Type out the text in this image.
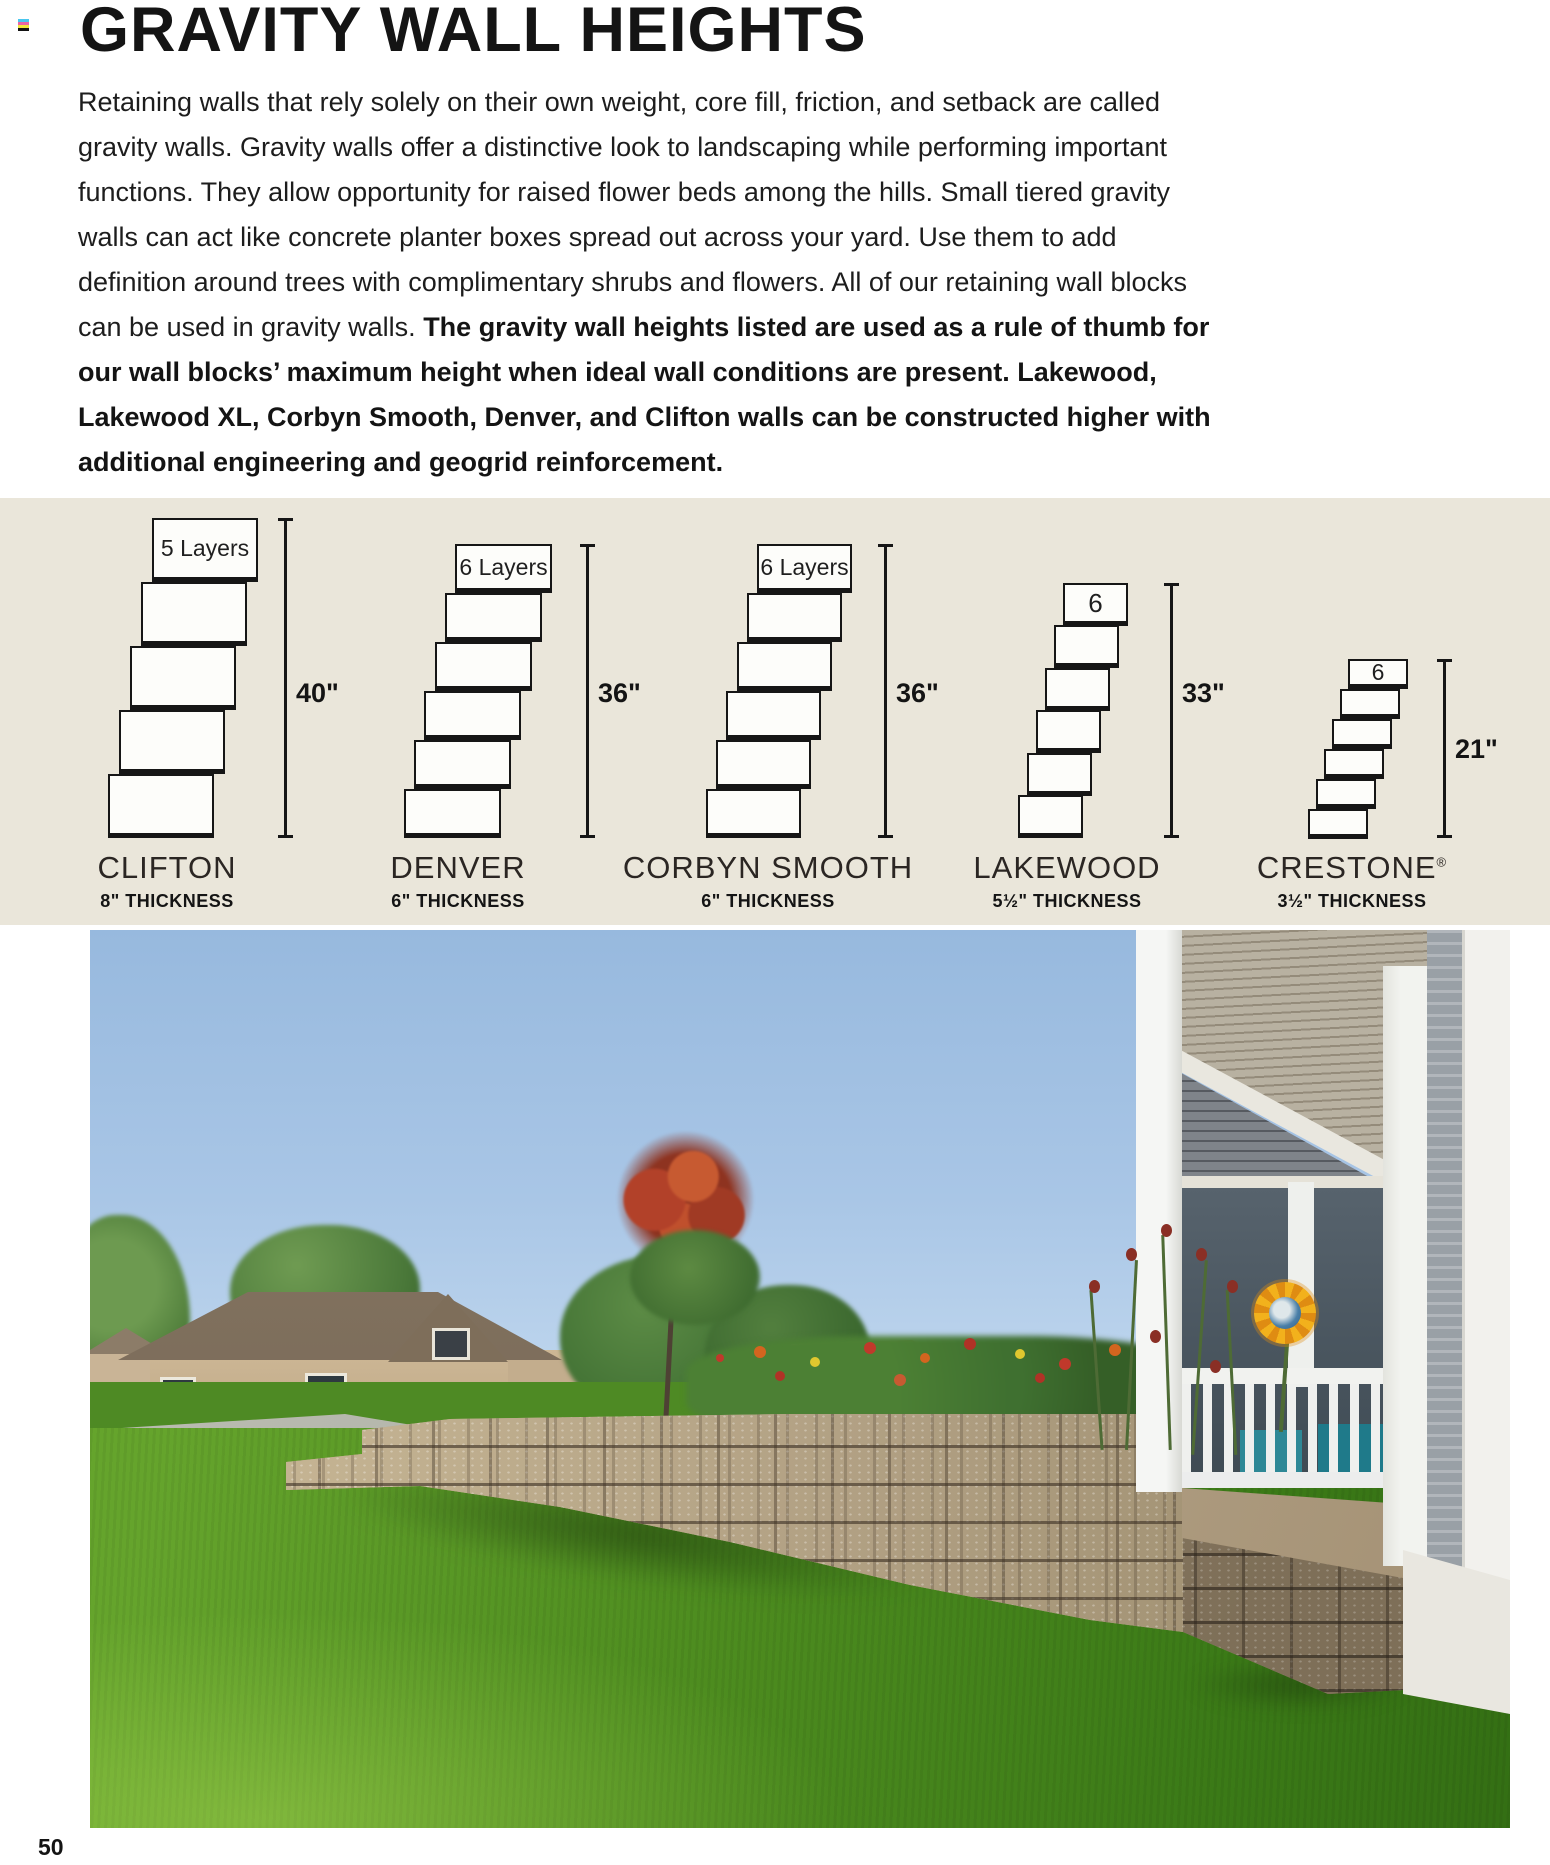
GRAVITY WALL HEIGHTS

Retaining walls that rely solely on their own weight, core fill, friction, and setback are called gravity walls. Gravity walls offer a distinctive look to landscaping while performing important functions. They allow opportunity for raised flower beds among the hills. Small tiered gravity walls can act like concrete planter boxes spread out across your yard. Use them to add definition around trees with complimentary shrubs and flowers. All of our retaining wall blocks can be used in gravity walls. The gravity wall heights listed are used as a rule of thumb for our wall blocks’ maximum height when ideal wall conditions are present. Lakewood, Lakewood XL, Corbyn Smooth, Denver, and Clifton walls can be constructed higher with additional engineering and geogrid reinforcement.

5 Layers
40"
CLIFTON
8" THICKNESS
6 Layers
36"
DENVER
6" THICKNESS
6 Layers
36"
CORBYN SMOOTH
6" THICKNESS
6
33"
LAKEWOOD
5½" THICKNESS
6
21"
CRESTONE®
3½" THICKNESS
50
